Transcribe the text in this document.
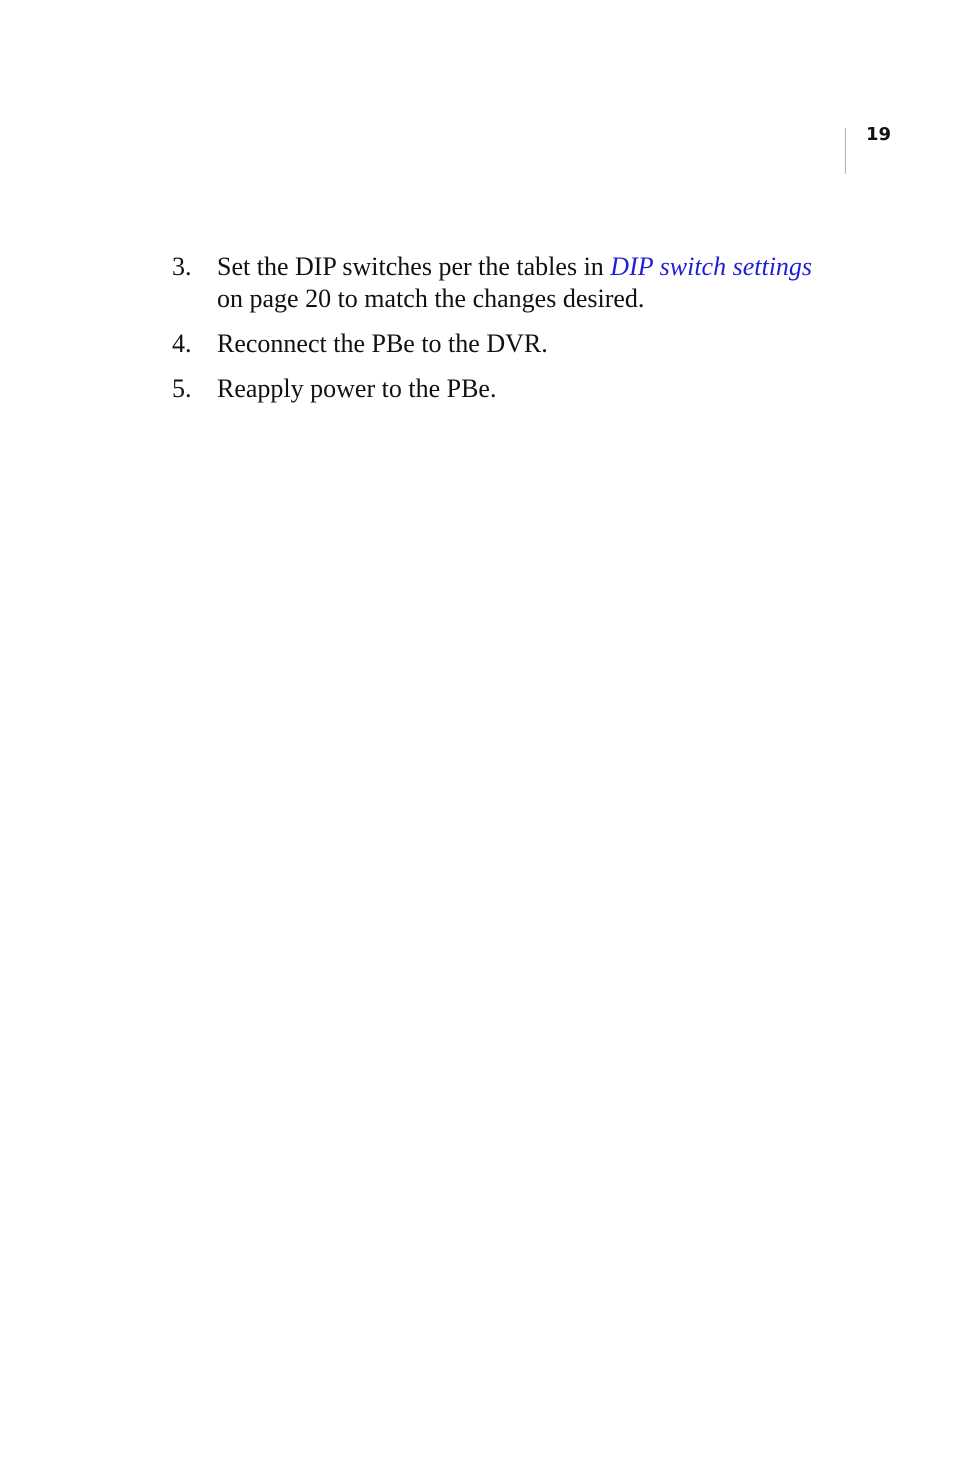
19
3. Set the DIP switches per the tables in DIP switch settings on page 20 to match the changes desired.
4. Reconnect the PBe to the DVR.
5. Reapply power to the PBe.
